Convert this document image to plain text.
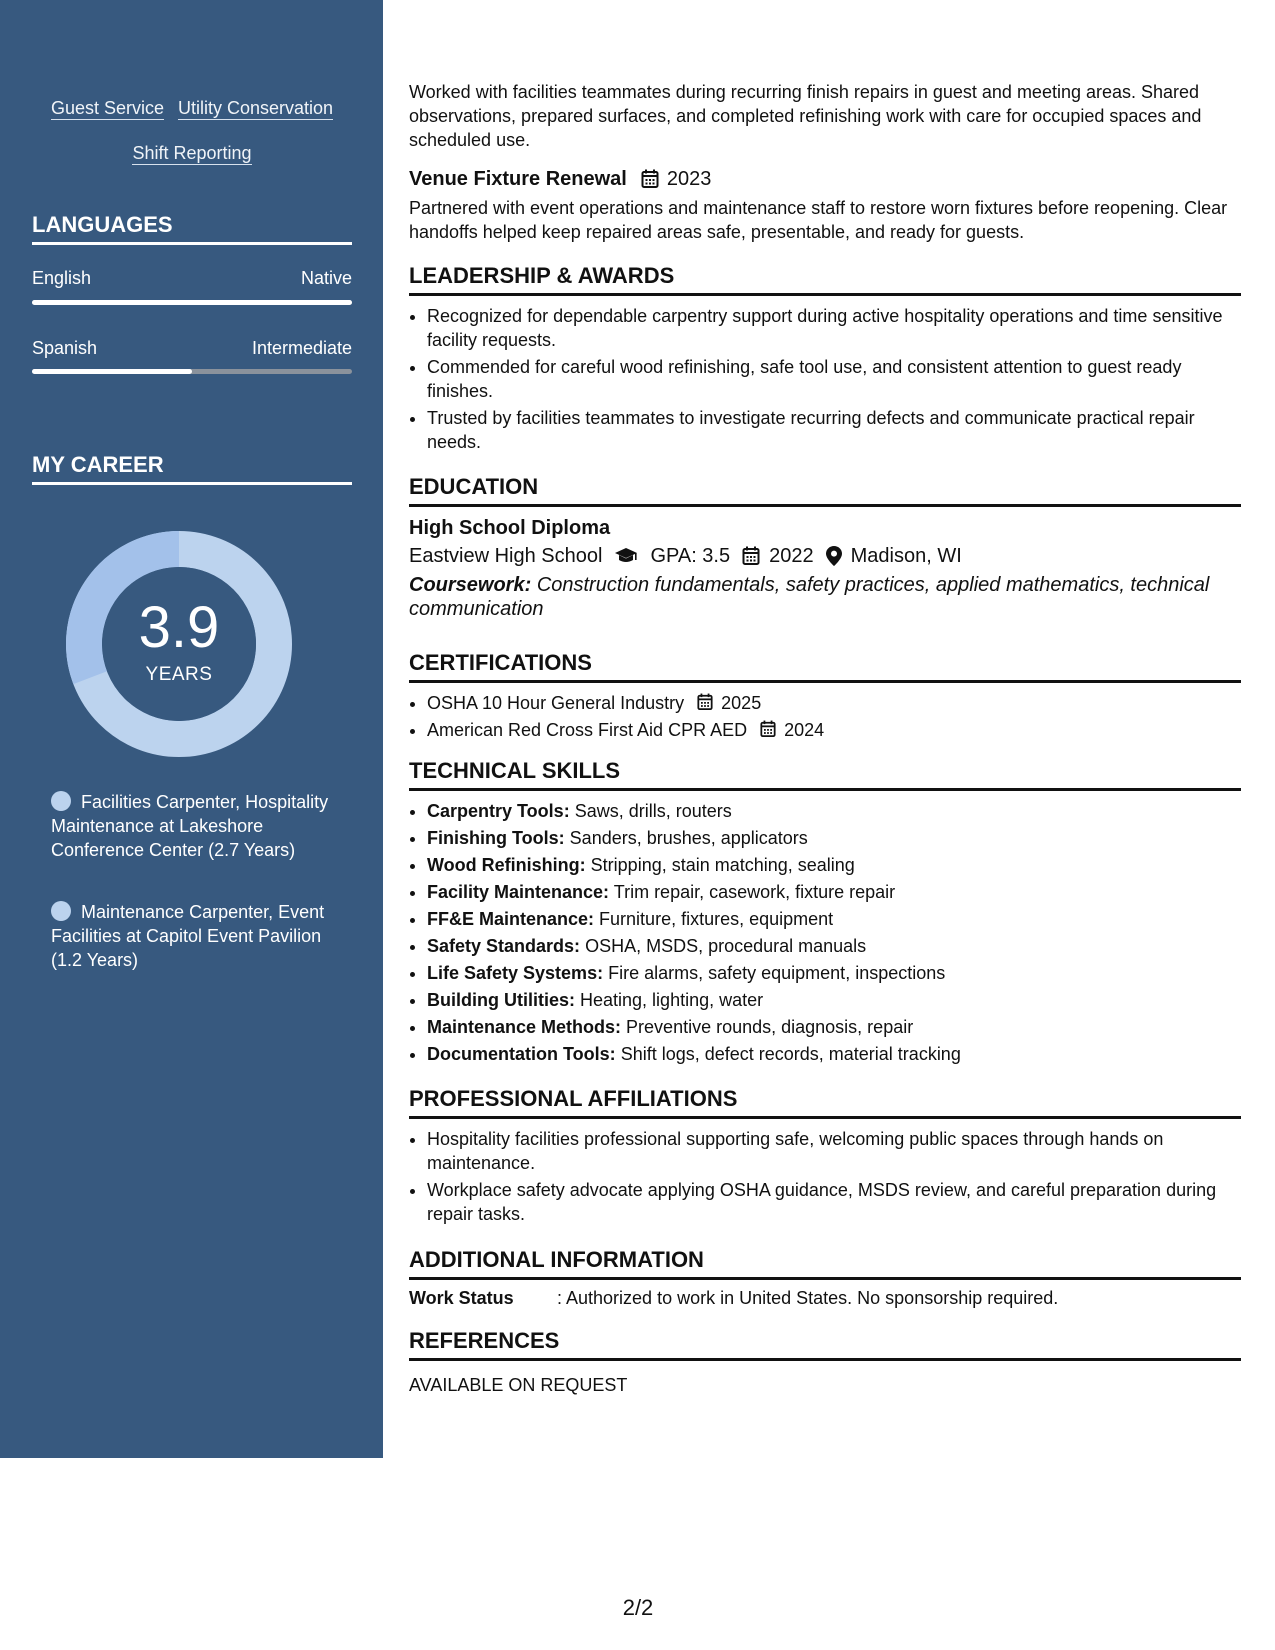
Guest Service Utility Conservation
Shift Reporting
LANGUAGES
English	Native
Spanish	Intermediate
MY CAREER
3.9
YEARS
Facilities Carpenter, Hospitality Maintenance at Lakeshore Conference Center (2.7 Years)
Maintenance Carpenter, Event Facilities at Capitol Event Pavilion (1.2 Years)

Worked with facilities teammates during recurring finish repairs in guest and meeting areas. Shared observations, prepared surfaces, and completed refinishing work with care for occupied spaces and scheduled use.

Venue Fixture Renewal 2023

Partnered with event operations and maintenance staff to restore worn fixtures before reopening. Clear handoffs helped keep repaired areas safe, presentable, and ready for guests.

LEADERSHIP & AWARDS
• Recognized for dependable carpentry support during active hospitality operations and time sensitive facility requests.
• Commended for careful wood refinishing, safe tool use, and consistent attention to guest ready finishes.
• Trusted by facilities teammates to investigate recurring defects and communicate practical repair needs.
EDUCATION
High School Diploma
Eastview High School GPA: 3.5 2022 Madison, WI

Coursework: Construction fundamentals, safety practices, applied mathematics, technical communication

CERTIFICATIONS
• OSHA 10 Hour General Industry 2025
• American Red Cross First Aid CPR AED 2024
TECHNICAL SKILLS
• Carpentry Tools: Saws, drills, routers
• Finishing Tools: Sanders, brushes, applicators
• Wood Refinishing: Stripping, stain matching, sealing
• Facility Maintenance: Trim repair, casework, fixture repair
• FF&E Maintenance: Furniture, fixtures, equipment
• Safety Standards: OSHA, MSDS, procedural manuals
• Life Safety Systems: Fire alarms, safety equipment, inspections
• Building Utilities: Heating, lighting, water
• Maintenance Methods: Preventive rounds, diagnosis, repair
• Documentation Tools: Shift logs, defect records, material tracking
PROFESSIONAL AFFILIATIONS
• Hospitality facilities professional supporting safe, welcoming public spaces through hands on maintenance.
• Workplace safety advocate applying OSHA guidance, MSDS review, and careful preparation during repair tasks.
ADDITIONAL INFORMATION
Work Status	: Authorized to work in United States. No sponsorship required.
REFERENCES
AVAILABLE ON REQUEST
2/2
